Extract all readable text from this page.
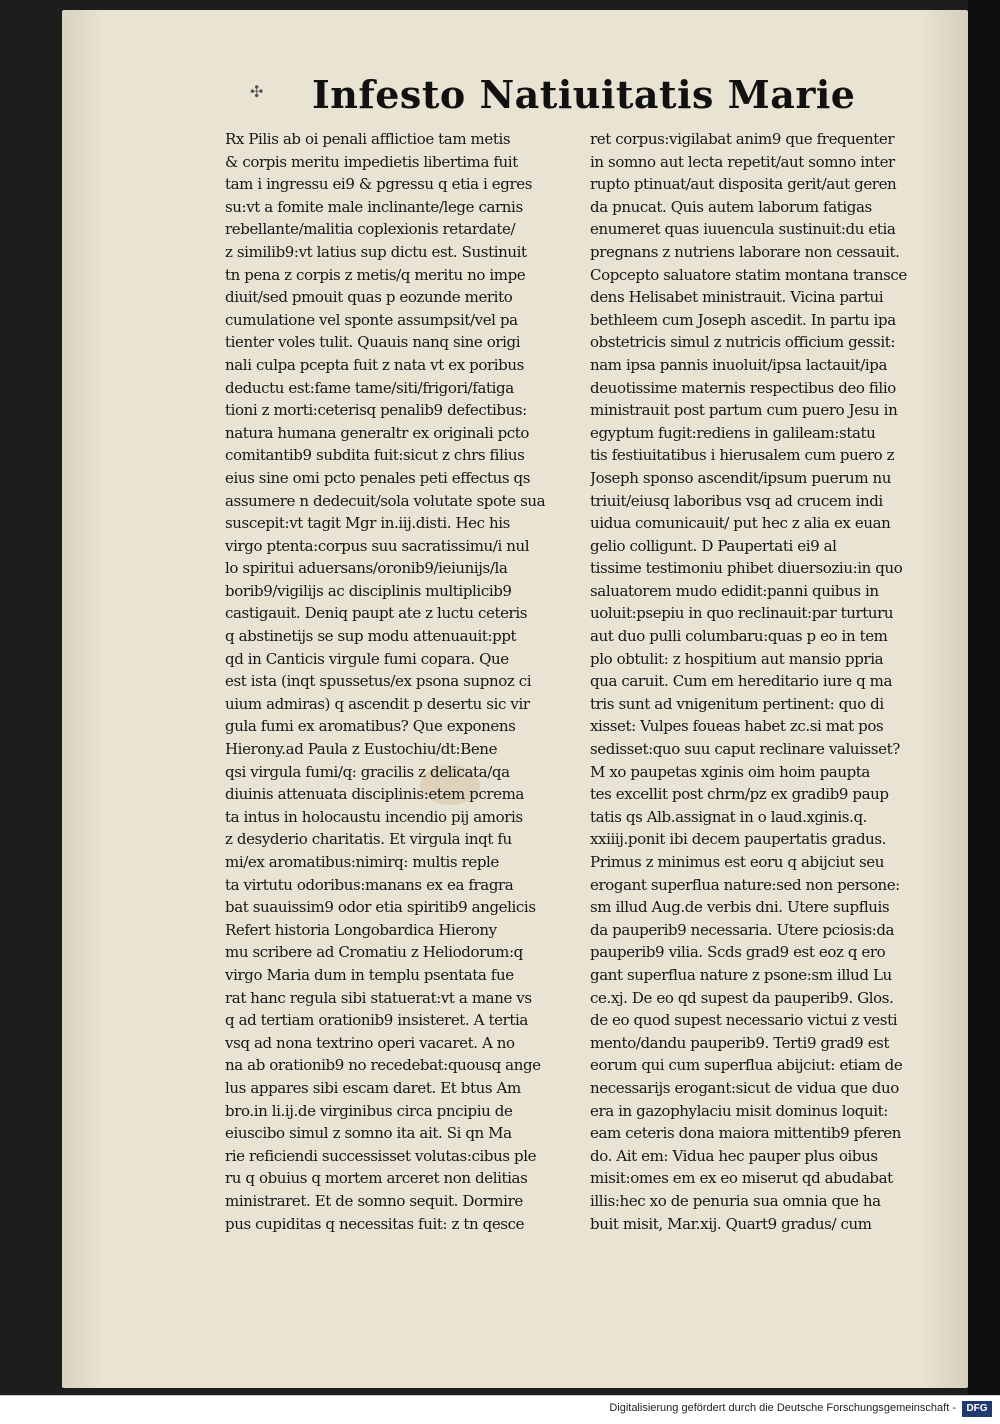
✣ Infesto Natiuitatis Marie
Rx Pilis ab oi penali afflictioe tam metis
& corpis meritu impedietis libertima fuit
tam i ingressu ei9 & pgressu q etia i egres
su:vt a fomite male inclinante/lege carnis
rebellante/malitia coplexionis retardate/
z similib9:vt latius sup dictu est. Sustinuit
tn pena z corpis z metis/q meritu no impe
diuit/sed pmouit quas p eozunde merito
cumulatione vel sponte assumpsit/vel pa
tienter voles tulit. Quauis nanq sine origi
nali culpa pcepta fuit z nata vt ex poribus
deductu est:fame tame/siti/frigori/fatiga
tioni z morti:ceterisq penalib9 defectibus:
natura humana generaltr ex originali pcto
comitantib9 subdita fuit:sicut z chrs filius
eius sine omi pcto penales peti effectus qs
assumere n dedecuit/sola volutate spote sua
suscepit:vt tagit Mgr in.iij.disti. Hec his
virgo ptenta:corpus suu sacratissimu/i nul
lo spiritui aduersans/oronib9/ieiunijs/la
borib9/vigilijs ac disciplinis multiplicib9
castigauit. Deniq paupt ate z luctu ceteris
q abstinetijs se sup modu attenuauit:ppt
qd in Canticis virgule fumi copara. Que
est ista (inqt spussetus/ex psona supnoz ci
uium admiras) q ascendit p desertu sic vir
gula fumi ex aromatibus? Que exponens
Hierony.ad Paula z Eustochiu/dt:Bene
qsi virgula fumi/q: gracilis z delicata/qa
diuinis attenuata disciplinis:etem pcrema
ta intus in holocaustu incendio pij amoris
z desyderio charitatis. Et virgula inqt fu
mi/ex aromatibus:nimirq: multis reple
ta virtutu odoribus:manans ex ea fragra
bat suauissim9 odor etia spiritib9 angelicis
Refert historia Longobardica Hierony
mu scribere ad Cromatiu z Heliodorum:q
virgo Maria dum in templu psentata fue
rat hanc regula sibi statuerat:vt a mane vs
q ad tertiam orationib9 insisteret. A tertia
vsq ad nona textrino operi vacaret. A no
na ab orationib9 no recedebat:quousq ange
lus appares sibi escam daret. Et btus Am
bro.in li.ij.de virginibus circa pncipiu de
eiuscibo simul z somno ita ait. Si qn Ma
rie reficiendi successisset volutas:cibus ple
ru q obuius q mortem arceret non delitias
ministraret. Et de somno sequit. Dormire
pus cupiditas q necessitas fuit: z tn qesce
ret corpus:vigilabat anim9 que frequenter
in somno aut lecta repetit/aut somno inter
rupto ptinuat/aut disposita gerit/aut geren
da pnucat. Quis autem laborum fatigas
enumeret quas iuuencula sustinuit:du etia
pregnans z nutriens laborare non cessauit.
Copcepto saluatore statim montana transce
dens Helisabet ministrauit. Vicina partui
bethleem cum Joseph ascedit. In partu ipa
obstetricis simul z nutricis officium gessit:
nam ipsa pannis inuoluit/ipsa lactauit/ipa
deuotissime maternis respectibus deo filio
ministrauit post partum cum puero Jesu in
egyptum fugit:rediens in galileam:statu
tis festiuitatibus i hierusalem cum puero z
Joseph sponso ascendit/ipsum puerum nu
triuit/eiusq laboribus vsq ad crucem indi
uidua comunicauit/ put hec z alia ex euan
gelio colligunt. D Paupertati ei9 al
tissime testimoniu phibet diuersoziu:in quo
saluatorem mudo edidit:panni quibus in
uoluit:psepiu in quo reclinauit:par turturu
aut duo pulli columbaru:quas p eo in tem
plo obtulit: z hospitium aut mansio ppria
qua caruit. Cum em hereditario iure q ma
tris sunt ad vnigenitum pertinent: quo di
xisset: Vulpes foueas habet zc.si mat pos
sedisset:quo suu caput reclinare valuisset?
M xo paupetas xginis oim hoim paupta
tes excellit post chrm/pz ex gradib9 paup
tatis qs Alb.assignat in o laud.xginis.q.
xxiiij.ponit ibi decem paupertatis gradus.
Primus z minimus est eoru q abijciut seu
erogant superflua nature:sed non persone:
sm illud Aug.de verbis dni. Utere supfluis
da pauperib9 necessaria. Utere pciosis:da
pauperib9 vilia. Scds grad9 est eoz q ero
gant superflua nature z psone:sm illud Lu
ce.xj. De eo qd supest da pauperib9. Glos.
de eo quod supest necessario victui z vesti
mento/dandu pauperib9. Terti9 grad9 est
eorum qui cum superflua abijciut: etiam de
necessarijs erogant:sicut de vidua que duo
era in gazophylaciu misit dominus loquit:
eam ceteris dona maiora mittentib9 pferen
do. Ait em: Vidua hec pauper plus oibus
misit:omes em ex eo miserut qd abudabat
illis:hec xo de penuria sua omnia que ha
buit misit, Mar.xij. Quart9 gradus/ cum
Digitalisierung gefördert durch die Deutsche Forschungsgemeinschaft -	DFG
